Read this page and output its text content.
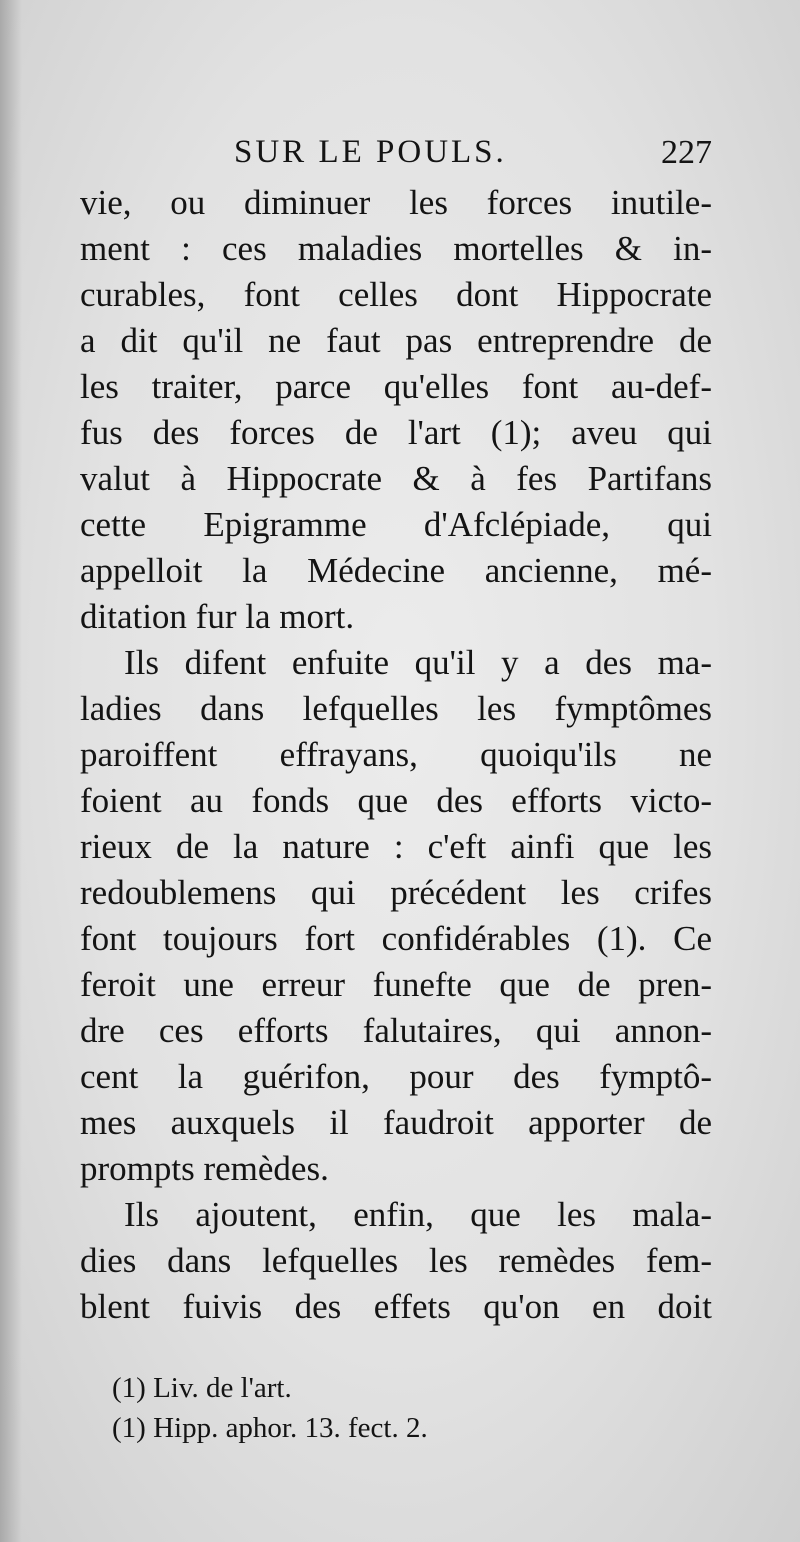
SUR LE POULS.	227
vie, ou diminuer les forces inutile-
ment : ces maladies mortelles & in-
curables, font celles dont Hippocrate
a dit qu'il ne faut pas entreprendre de
les traiter, parce qu'elles font au-def-
fus des forces de l'art (1); aveu qui
valut à Hippocrate & à fes Partifans
cette Epigramme d'Afclépiade, qui
appelloit la Médecine ancienne, mé-
ditation fur la mort.
Ils difent enfuite qu'il y a des ma-
ladies dans lefquelles les fymptômes
paroiffent effrayans, quoiqu'ils ne
foient au fonds que des efforts victo-
rieux de la nature : c'eft ainfi que les
redoublemens qui précédent les crifes
font toujours fort confidérables (1). Ce
feroit une erreur funefte que de pren-
dre ces efforts falutaires, qui annon-
cent la guérifon, pour des fymptô-
mes auxquels il faudroit apporter de
prompts remèdes.
Ils ajoutent, enfin, que les mala-
dies dans lefquelles les remèdes fem-
blent fuivis des effets qu'on en doit
(1) Liv. de l'art.
(1) Hipp. aphor. 13. fect. 2.
